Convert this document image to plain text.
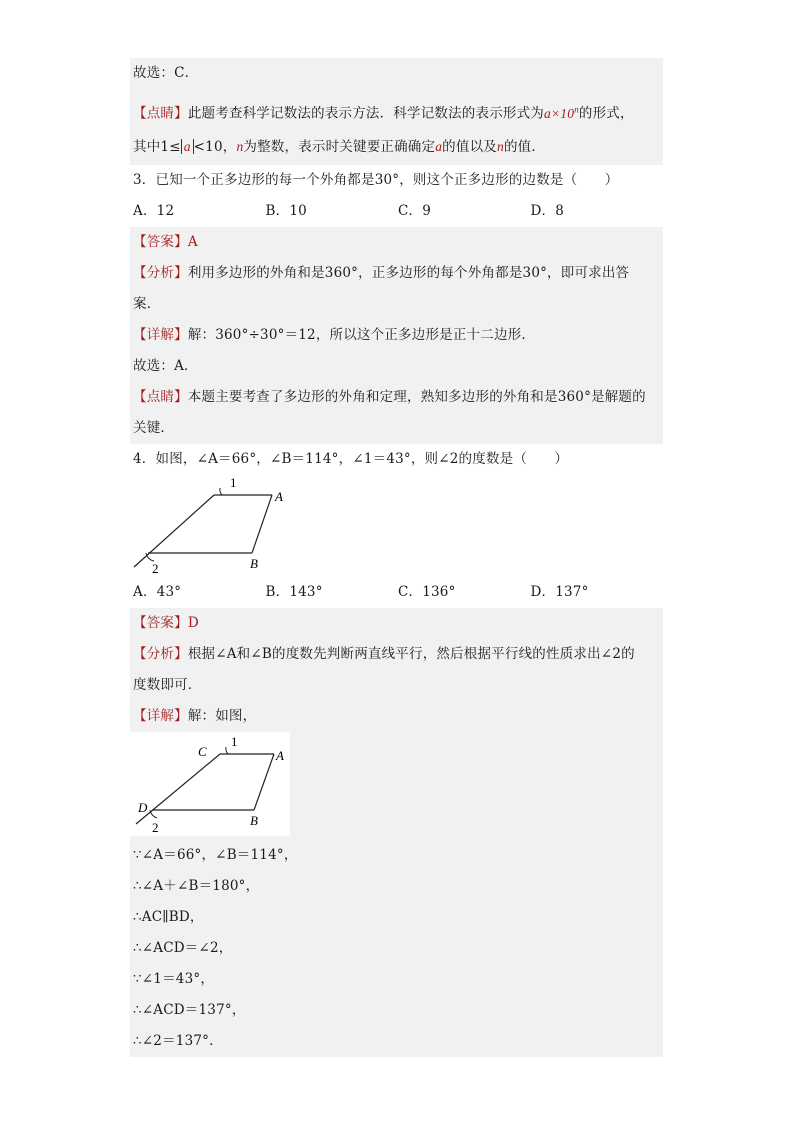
故选：C．
【点睛】此题考查科学记数法的表示方法．科学记数法的表示形式为$a\times 10^n$的形式，
其中1≤ a <10，n为整数，表示时关键要正确确定a的值以及n的值．
3．已知一个正多边形的每一个外角都是30°，则这个正多边形的边数是（　　）
A．12	B．10	C．9	D．8
【答案】A
【分析】利用多边形的外角和是360°，正多边形的每个外角都是30°，即可求出答
案．
【详解】解：360°÷30°＝12，所以这个正多边形是正十二边形．
故选：A．
【点睛】本题主要考查了多边形的外角和定理，熟知多边形的外角和是360°是解题的
关键．
4．如图，∠A＝66°，∠B＝114°，∠1＝43°，则∠2的度数是（　　）
1
A
B
2
A．43°	B．143°	C．136°	D．137°
【答案】D
【分析】根据∠A和∠B的度数先判断两直线平行，然后根据平行线的性质求出∠2的
度数即可．
【详解】解：如图，
1
C	A
D
B
2
∵∠A＝66°，∠B＝114°，
∴∠A＋∠B＝180°，
∴AC∥BD，
∴∠ACD＝∠2，
∵∠1＝43°，
∴∠ACD＝137°，
∴∠2＝137°．
